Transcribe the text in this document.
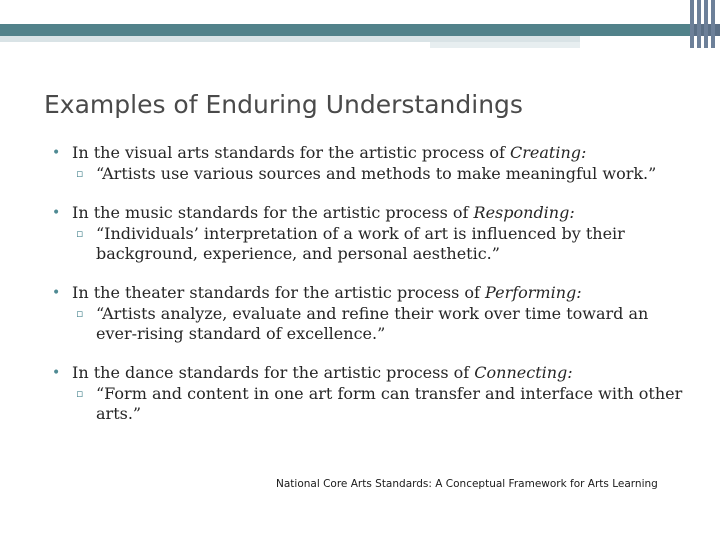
Examples of Enduring Understandings
• In the visual arts standards for the artistic process of Creating:
▫ “Artists use various sources and methods to make meaningful work.”
• In the music standards for the artistic process of Responding:
▫ “Individuals’ interpretation of a work of art is influenced by their background, experience, and personal aesthetic.”
• In the theater standards for the artistic process of Performing:
▫ “Artists analyze, evaluate and refine their work over time toward an ever-rising standard of excellence.”
• In the dance standards for the artistic process of Connecting:
▫ “Form and content in one art form can transfer and interface with other arts.”
National Core Arts Standards: A Conceptual Framework for Arts Learning
